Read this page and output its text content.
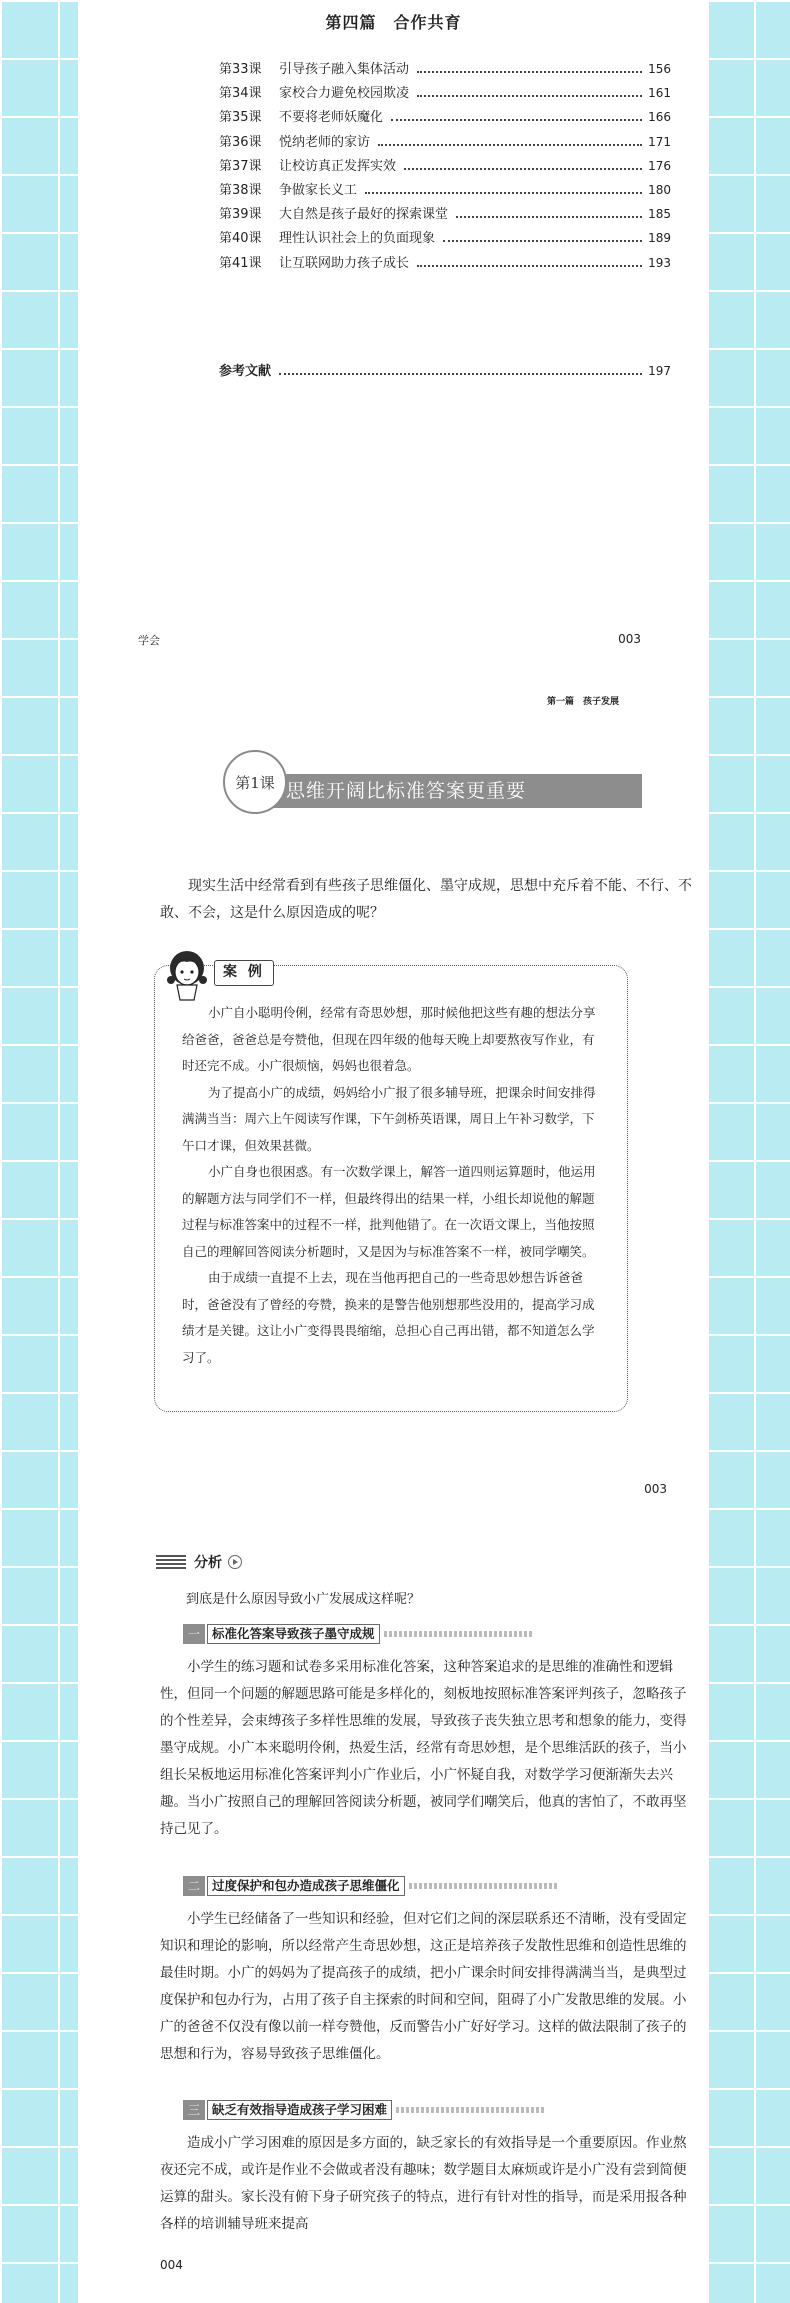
第四篇　合作共育
第33课	引导孩子融入集体活动	156
第34课	家校合力避免校园欺凌	161
第35课	不要将老师妖魔化	166
第36课	悦纳老师的家访	171
第37课	让校访真正发挥实效	176
第38课	争做家长义工	180
第39课	大自然是孩子最好的探索课堂	185
第40课	理性认识社会上的负面现象	189
第41课	让互联网助力孩子成长	193
参考文献	197
学会	003
第一篇　孩子发展
第1课 思维开阔比标准答案更重要
现实生活中经常看到有些孩子思维僵化、墨守成规，思想中充斥着不能、不行、不敢、不会，这是什么原因造成的呢？
案 例

小广自小聪明伶俐，经常有奇思妙想，那时候他把这些有趣的想法分享给爸爸，爸爸总是夸赞他，但现在四年级的他每天晚上却要熬夜写作业，有时还完不成。小广很烦恼，妈妈也很着急。

为了提高小广的成绩，妈妈给小广报了很多辅导班，把课余时间安排得满满当当：周六上午阅读写作课，下午剑桥英语课，周日上午补习数学，下午口才课，但效果甚微。

小广自身也很困惑。有一次数学课上，解答一道四则运算题时，他运用的解题方法与同学们不一样，但最终得出的结果一样，小组长却说他的解题过程与标准答案中的过程不一样，批判他错了。在一次语文课上，当他按照自己的理解回答阅读分析题时，又是因为与标准答案不一样，被同学嘲笑。

由于成绩一直提不上去，现在当他再把自己的一些奇思妙想告诉爸爸时，爸爸没有了曾经的夸赞，换来的是警告他别想那些没用的，提高学习成绩才是关键。这让小广变得畏畏缩缩，总担心自己再出错，都不知道怎么学习了。

003
分析
到底是什么原因导致小广发展成这样呢？
一 标准化答案导致孩子墨守成规
小学生的练习题和试卷多采用标准化答案，这种答案追求的是思维的准确性和逻辑性，但同一个问题的解题思路可能是多样化的，刻板地按照标准答案评判孩子，忽略孩子的个性差异，会束缚孩子多样性思维的发展，导致孩子丧失独立思考和想象的能力，变得墨守成规。小广本来聪明伶俐，热爱生活，经常有奇思妙想，是个思维活跃的孩子，当小组长呆板地运用标准化答案评判小广作业后，小广怀疑自我，对数学学习便渐渐失去兴趣。当小广按照自己的理解回答阅读分析题，被同学们嘲笑后，他真的害怕了，不敢再坚持己见了。
二 过度保护和包办造成孩子思维僵化
小学生已经储备了一些知识和经验，但对它们之间的深层联系还不清晰，没有受固定知识和理论的影响，所以经常产生奇思妙想，这正是培养孩子发散性思维和创造性思维的最佳时期。小广的妈妈为了提高孩子的成绩，把小广课余时间安排得满满当当，是典型过度保护和包办行为，占用了孩子自主探索的时间和空间，阻碍了小广发散思维的发展。小广的爸爸不仅没有像以前一样夸赞他，反而警告小广好好学习。这样的做法限制了孩子的思想和行为，容易导致孩子思维僵化。
三 缺乏有效指导造成孩子学习困难
造成小广学习困难的原因是多方面的，缺乏家长的有效指导是一个重要原因。作业熬夜还完不成，或许是作业不会做或者没有趣味；数学题目太麻烦或许是小广没有尝到简便运算的甜头。家长没有俯下身子研究孩子的特点，进行有针对性的指导，而是采用报各种各样的培训辅导班来提高
004
